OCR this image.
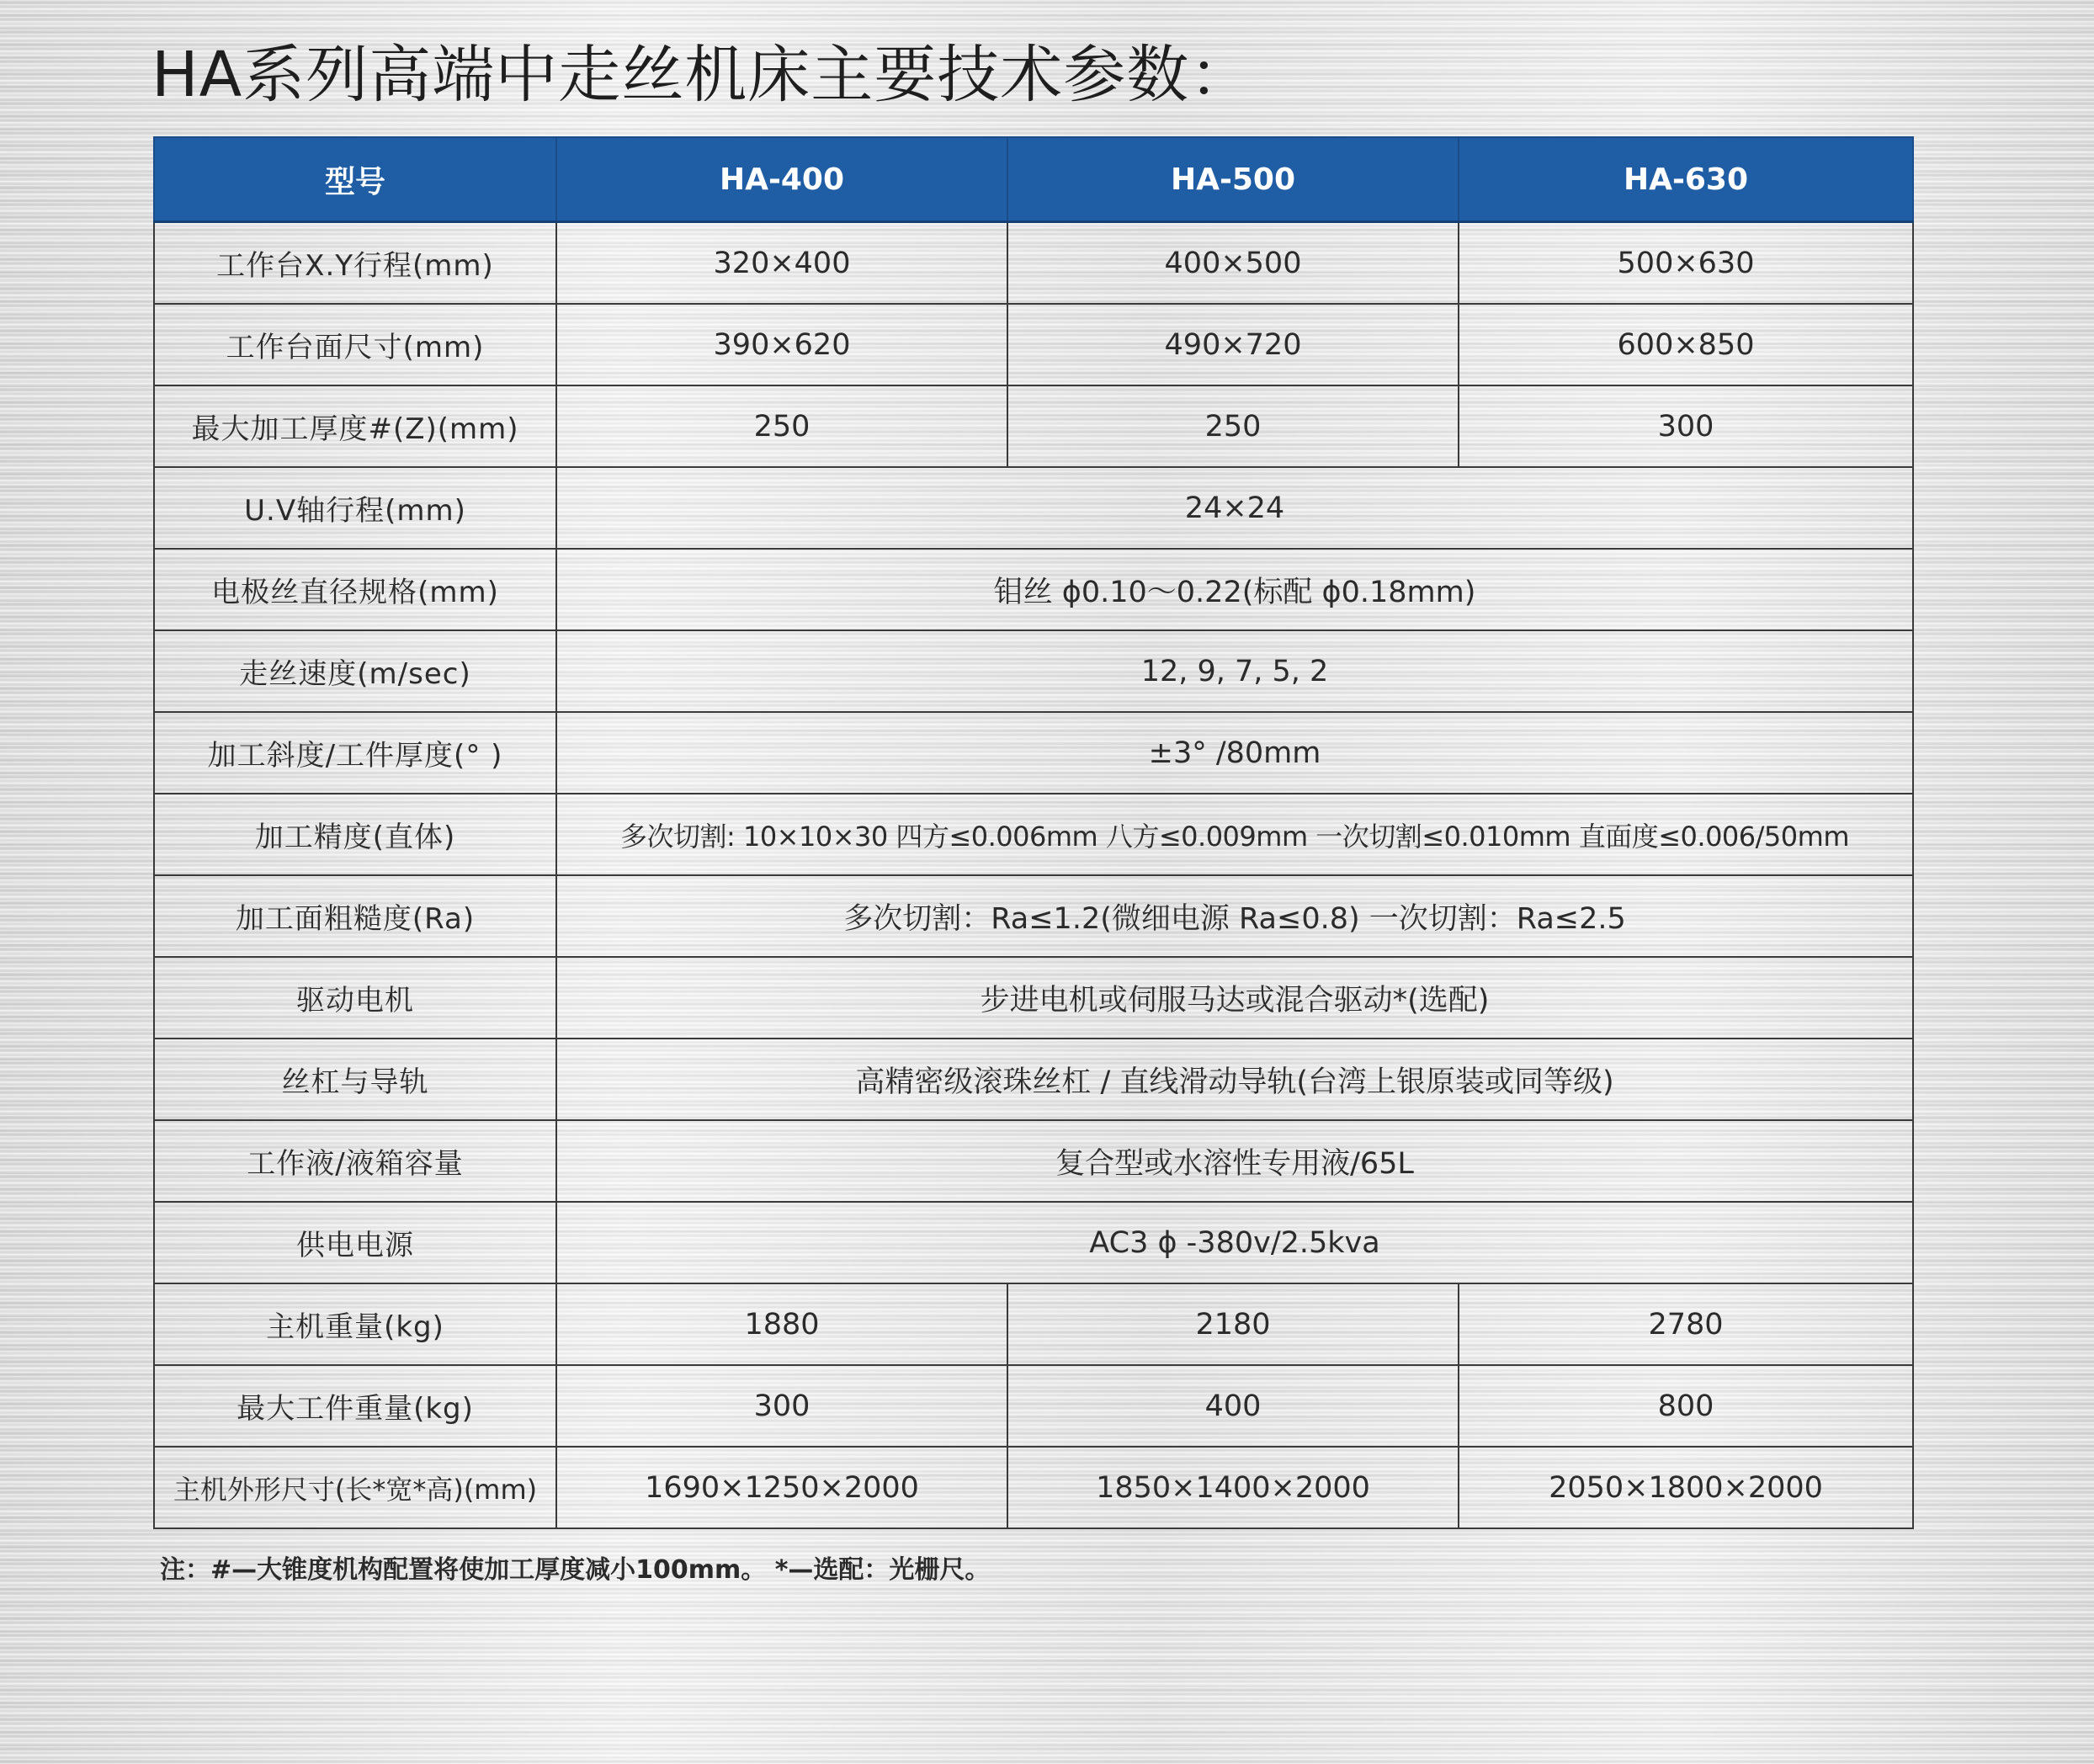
HA系列高端中走丝机床主要技术参数：
型号	HA-400	HA-500	HA-630
工作台X.Y行程(mm)	320×400	400×500	500×630
工作台面尺寸(mm)	390×620	490×720	600×850
最大加工厚度#(Z)(mm)	250	250	300
U.V轴行程(mm)	24×24		
电极丝直径规格(mm)	钼丝 ϕ0.10～0.22(标配 ϕ0.18mm)		
走丝速度(m/sec)	12, 9, 7, 5, 2		
加工斜度/工件厚度(° )	±3° /80mm		
加工精度(直体)	多次切割: 10×10×30 四方≤0.006mm 八方≤0.009mm 一次切割≤0.010mm 直面度≤0.006/50mm		
加工面粗糙度(Ra)	多次切割：Ra≤1.2(微细电源 Ra≤0.8) 一次切割：Ra≤2.5		
驱动电机	步进电机或伺服马达或混合驱动*(选配)		
丝杠与导轨	高精密级滚珠丝杠 / 直线滑动导轨(台湾上银原装或同等级)		
工作液/液箱容量	复合型或水溶性专用液/65L		
供电电源	AC3 ϕ -380v/2.5kva		
主机重量(kg)	1880	2180	2780
最大工件重量(kg)	300	400	800
主机外形尺寸(长*宽*高)(mm)	1690×1250×2000	1850×1400×2000	2050×1800×2000
注：#—大锥度机构配置将使加工厚度减小100mm。 *—选配：光栅尺。
